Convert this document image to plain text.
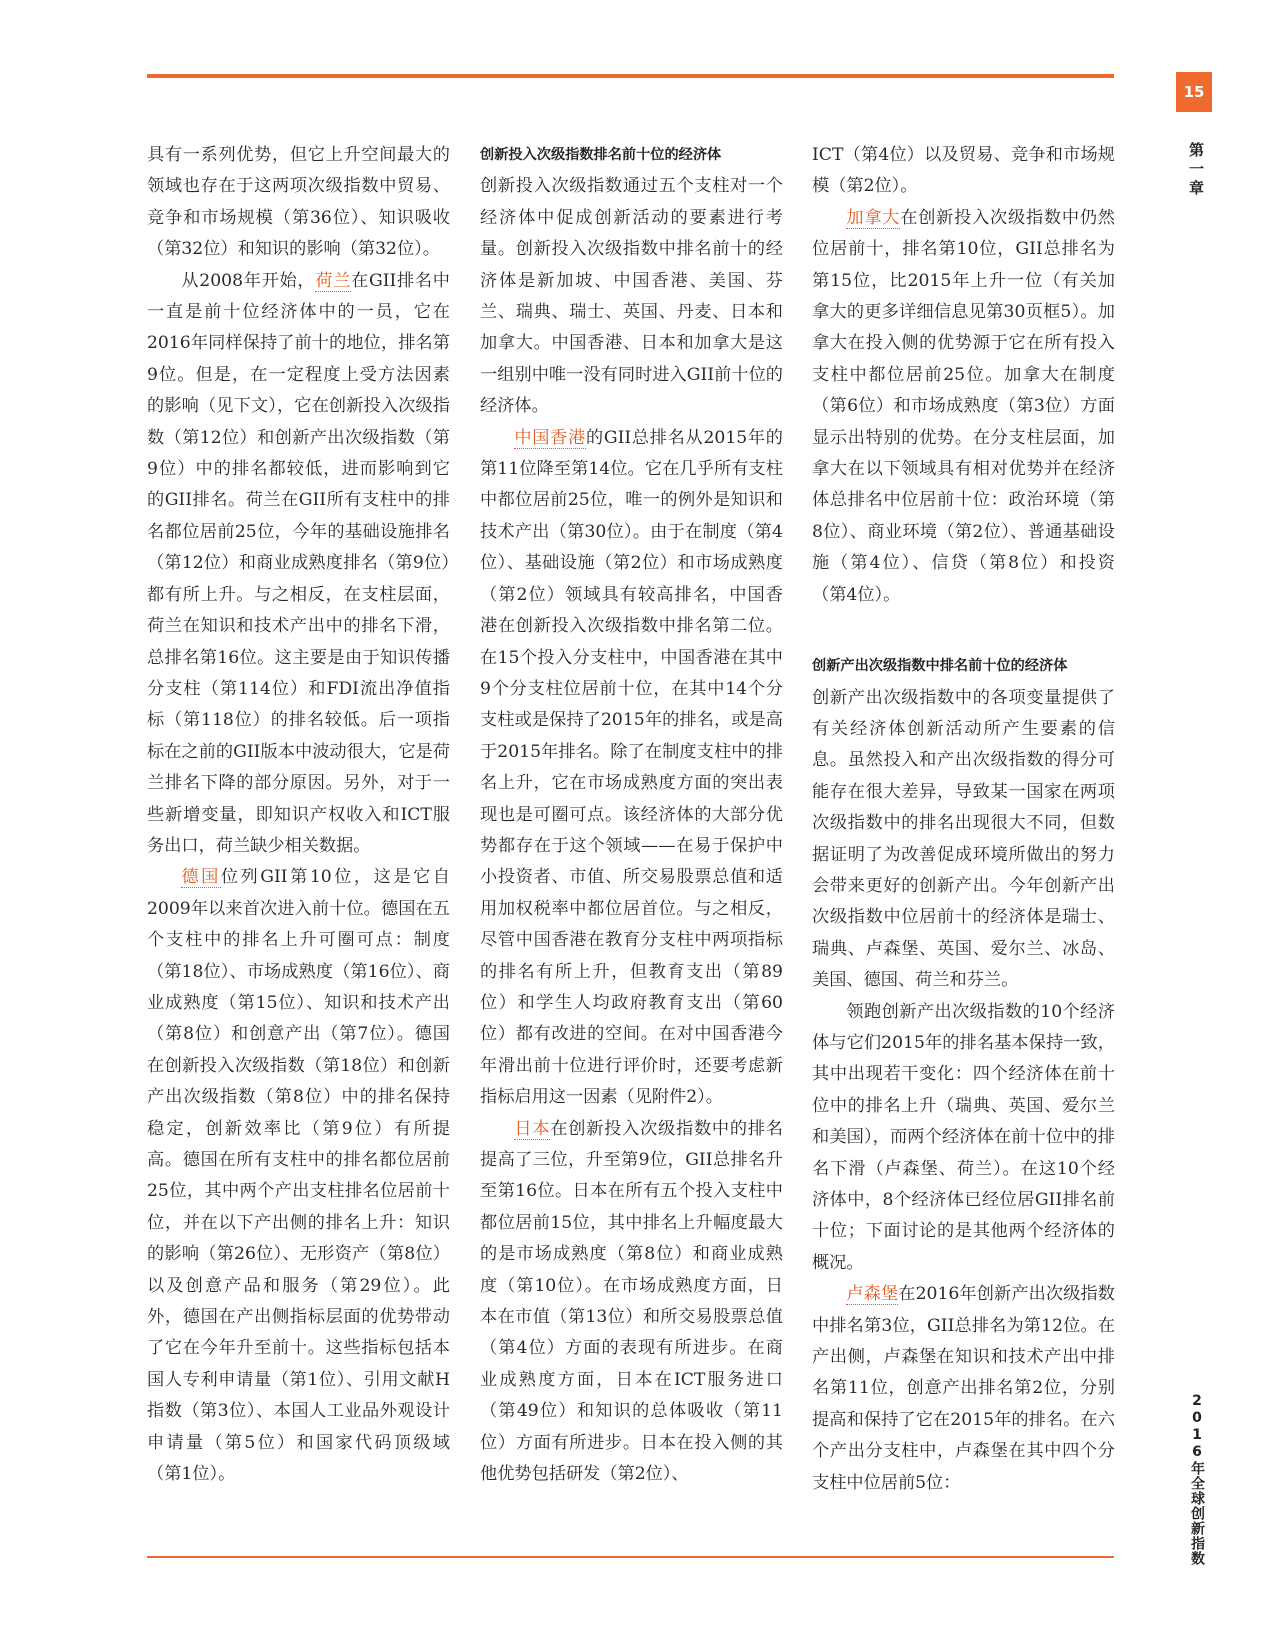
15
第一章
2016年全球创新指数

具有一系列优势，但它上升空间最大的领域也存在于这两项次级指数中贸易、竞争和市场规模（第36位）、知识吸收（第32位）和知识的影响（第32位）。

从2008年开始，荷兰在GII排名中一直是前十位经济体中的一员，它在2016年同样保持了前十的地位，排名第9位。但是，在一定程度上受方法因素的影响（见下文），它在创新投入次级指数（第12位）和创新产出次级指数（第9位）中的排名都较低，进而影响到它的GII排名。荷兰在GII所有支柱中的排名都位居前25位，今年的基础设施排名（第12位）和商业成熟度排名（第9位）都有所上升。与之相反，在支柱层面，荷兰在知识和技术产出中的排名下滑，总排名第16位。这主要是由于知识传播分支柱（第114位）和FDI流出净值指标（第118位）的排名较低。后一项指标在之前的GII版本中波动很大，它是荷兰排名下降的部分原因。另外，对于一些新增变量，即知识产权收入和ICT服务出口，荷兰缺少相关数据。

德国位列GII第10位，这是它自2009年以来首次进入前十位。德国在五个支柱中的排名上升可圈可点：制度（第18位）、市场成熟度（第16位）、商业成熟度（第15位）、知识和技术产出（第8位）和创意产出（第7位）。德国在创新投入次级指数（第18位）和创新产出次级指数（第8位）中的排名保持稳定，创新效率比（第9位）有所提高。德国在所有支柱中的排名都位居前25位，其中两个产出支柱排名位居前十位，并在以下产出侧的排名上升：知识的影响（第26位）、无形资产（第8位）以及创意产品和服务（第29位）。此外，德国在产出侧指标层面的优势带动了它在今年升至前十。这些指标包括本国人专利申请量（第1位）、引用文献H指数（第3位）、本国人工业品外观设计申请量（第5位）和国家代码顶级域（第1位）。

创新投入次级指数排名前十位的经济体

创新投入次级指数通过五个支柱对一个经济体中促成创新活动的要素进行考量。创新投入次级指数中排名前十的经济体是新加坡、中国香港、美国、芬兰、瑞典、瑞士、英国、丹麦、日本和加拿大。中国香港、日本和加拿大是这一组别中唯一没有同时进入GII前十位的经济体。

中国香港的GII总排名从2015年的第11位降至第14位。它在几乎所有支柱中都位居前25位，唯一的例外是知识和技术产出（第30位）。由于在制度（第4位）、基础设施（第2位）和市场成熟度（第2位）领域具有较高排名，中国香港在创新投入次级指数中排名第二位。在15个投入分支柱中，中国香港在其中9个分支柱位居前十位，在其中14个分支柱或是保持了2015年的排名，或是高于2015年排名。除了在制度支柱中的排名上升，它在市场成熟度方面的突出表现也是可圈可点。该经济体的大部分优势都存在于这个领域——在易于保护中小投资者、市值、所交易股票总值和适用加权税率中都位居首位。与之相反，尽管中国香港在教育分支柱中两项指标的排名有所上升，但教育支出（第89位）和学生人均政府教育支出（第60位）都有改进的空间。在对中国香港今年滑出前十位进行评价时，还要考虑新指标启用这一因素（见附件2）。

日本在创新投入次级指数中的排名提高了三位，升至第9位，GII总排名升至第16位。日本在所有五个投入支柱中都位居前15位，其中排名上升幅度最大的是市场成熟度（第8位）和商业成熟度（第10位）。在市场成熟度方面，日本在市值（第13位）和所交易股票总值（第4位）方面的表现有所进步。在商业成熟度方面，日本在ICT服务进口（第49位）和知识的总体吸收（第11位）方面有所进步。日本在投入侧的其他优势包括研发（第2位）、

ICT（第4位）以及贸易、竞争和市场规模（第2位）。

加拿大在创新投入次级指数中仍然位居前十，排名第10位，GII总排名为第15位，比2015年上升一位（有关加拿大的更多详细信息见第30页框5）。加拿大在投入侧的优势源于它在所有投入支柱中都位居前25位。加拿大在制度（第6位）和市场成熟度（第3位）方面显示出特别的优势。在分支柱层面，加拿大在以下领域具有相对优势并在经济体总排名中位居前十位：政治环境（第8位）、商业环境（第2位）、普通基础设施（第4位）、信贷（第8位）和投资（第4位）。

创新产出次级指数中排名前十位的经济体

创新产出次级指数中的各项变量提供了有关经济体创新活动所产生要素的信息。虽然投入和产出次级指数的得分可能存在很大差异，导致某一国家在两项次级指数中的排名出现很大不同，但数据证明了为改善促成环境所做出的努力会带来更好的创新产出。今年创新产出次级指数中位居前十的经济体是瑞士、瑞典、卢森堡、英国、爱尔兰、冰岛、美国、德国、荷兰和芬兰。

领跑创新产出次级指数的10个经济体与它们2015年的排名基本保持一致，其中出现若干变化：四个经济体在前十位中的排名上升（瑞典、英国、爱尔兰和美国），而两个经济体在前十位中的排名下滑（卢森堡、荷兰）。在这10个经济体中，8个经济体已经位居GII排名前十位；下面讨论的是其他两个经济体的概况。

卢森堡在2016年创新产出次级指数中排名第3位，GII总排名为第12位。在产出侧，卢森堡在知识和技术产出中排名第11位，创意产出排名第2位，分别提高和保持了它在2015年的排名。在六个产出分支柱中，卢森堡在其中四个分支柱中位居前5位：
